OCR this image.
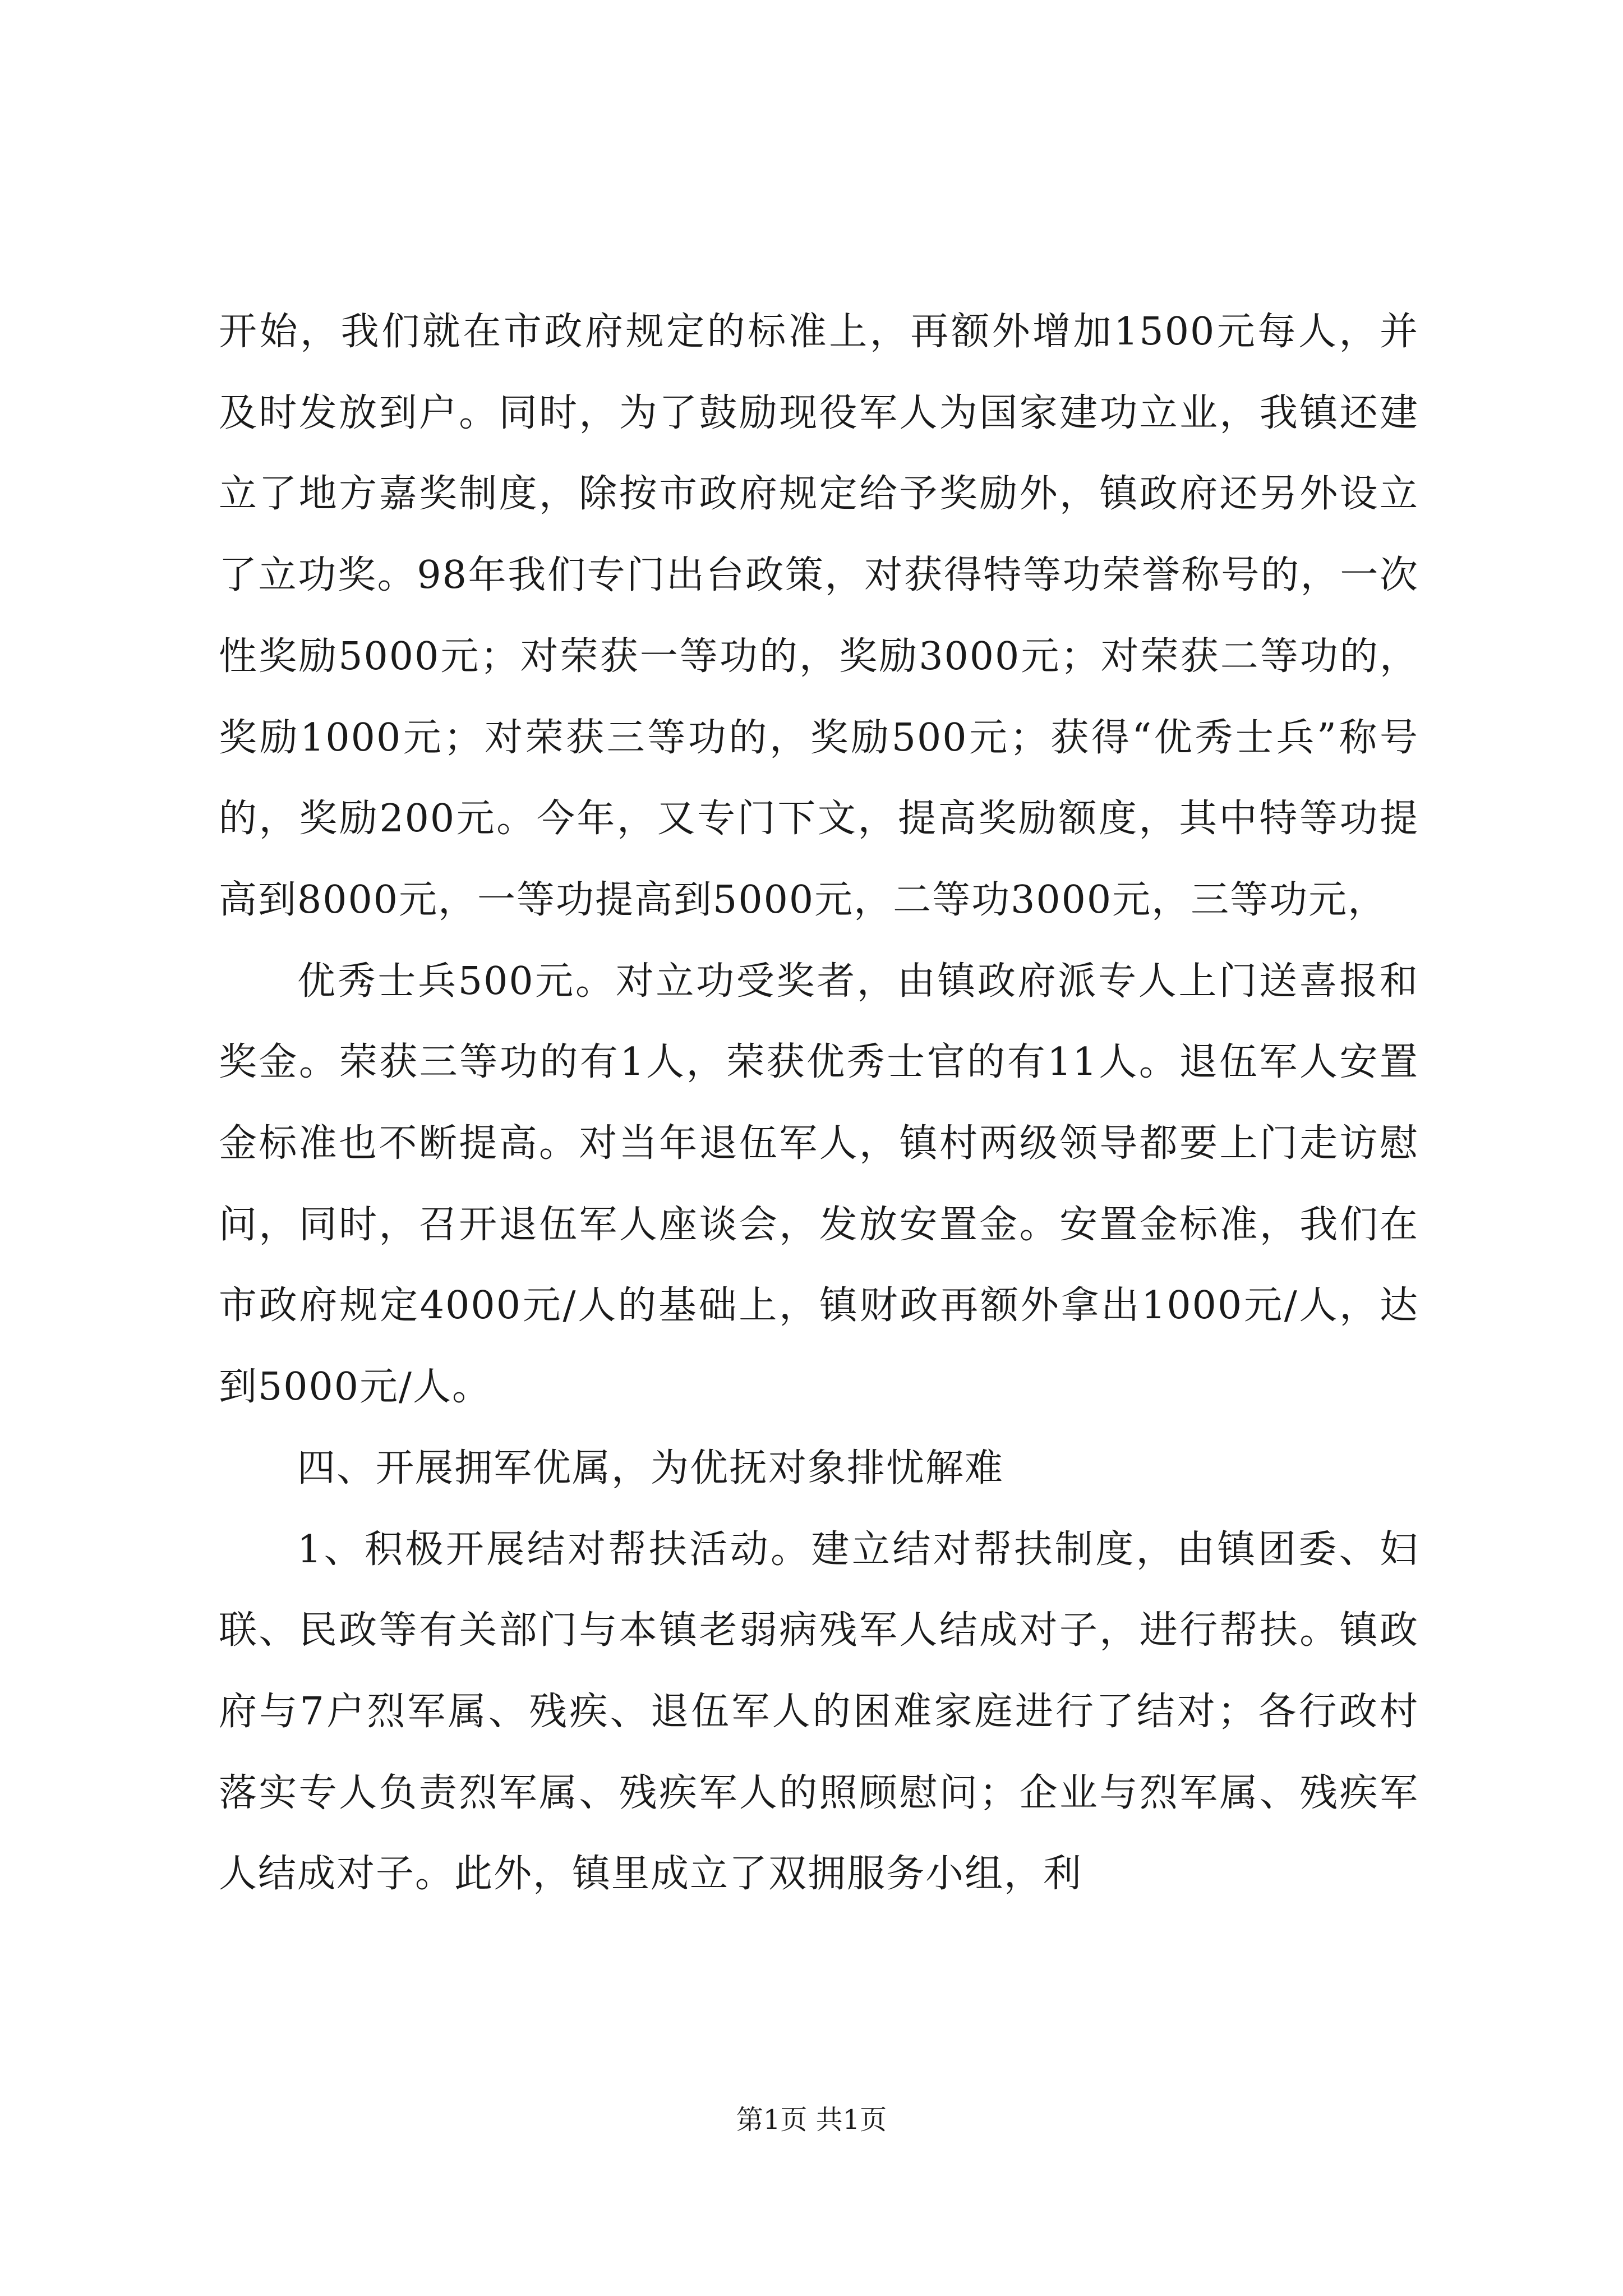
开始，我们就在市政府规定的标准上，再额外增加1500元每人，并及时发放到户。同时，为了鼓励现役军人为国家建功立业，我镇还建立了地方嘉奖制度，除按市政府规定给予奖励外，镇政府还另外设立了立功奖。98年我们专门出台政策，对获得特等功荣誉称号的，一次性奖励5000元；对荣获一等功的，奖励3000元；对荣获二等功的，奖励1000元；对荣获三等功的，奖励500元；获得“优秀士兵”称号的，奖励200元。今年，又专门下文，提高奖励额度，其中特等功提高到8000元，一等功提高到5000元，二等功3000元，三等功元，

优秀士兵500元。对立功受奖者，由镇政府派专人上门送喜报和奖金。荣获三等功的有1人，荣获优秀士官的有11人。退伍军人安置金标准也不断提高。对当年退伍军人，镇村两级领导都要上门走访慰问，同时，召开退伍军人座谈会，发放安置金。安置金标准，我们在市政府规定4000元/人的基础上，镇财政再额外拿出1000元/人，达到5000元/人。

四、开展拥军优属，为优抚对象排忧解难

1、积极开展结对帮扶活动。建立结对帮扶制度，由镇团委、妇联、民政等有关部门与本镇老弱病残军人结成对子，进行帮扶。镇政府与7户烈军属、残疾、退伍军人的困难家庭进行了结对；各行政村落实专人负责烈军属、残疾军人的照顾慰问；企业与烈军属、残疾军人结成对子。此外，镇里成立了双拥服务小组，利

第1页 共1页
